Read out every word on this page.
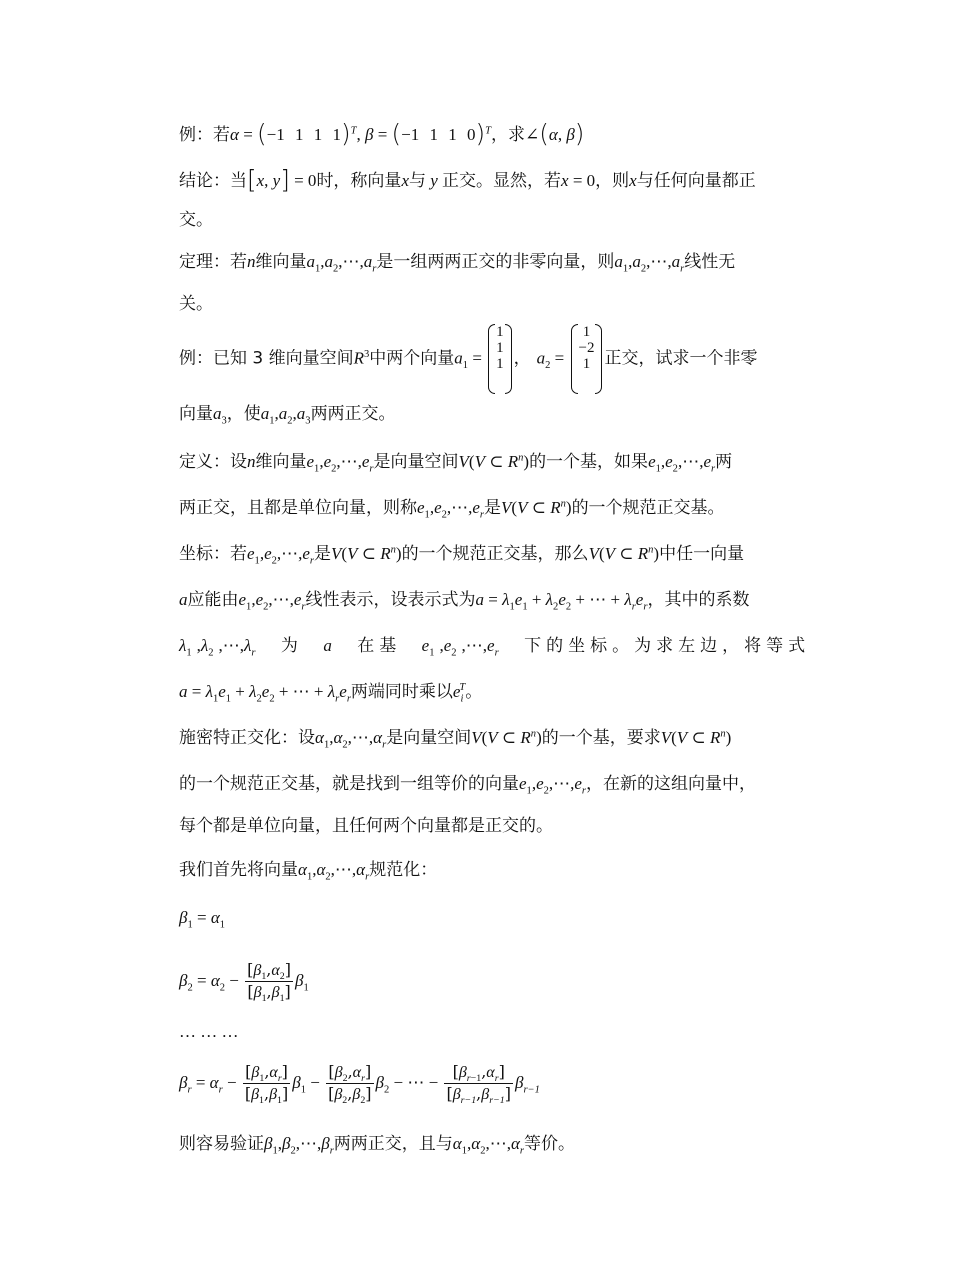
例：若α = (−1 1 1 1)$^T$, β = (−1 1 1 0)$^T$，求∠(α, β)
结论：当[x, y] = 0时，称向量x与 y 正交。显然，若x = 0，则x与任何向量都正
交。
定理：若n维向量$a_1,a_2,\cdots,a_r$是一组两两正交的非零向量，则$a_1,a_2,\cdots,a_r$线性无
关。
例：已知 3 维向量空间$R^3$中两个向量$a_1$ =
1
1
1 ， $a_2$ =
1
−2
1 正交，试求一个非零
向量$a_3$，使$a_1,a_2,a_3$两两正交。
定义：设n维向量$e_1,e_2,\cdots,e_r$是向量空间V(V ⊂ $R^n$)的一个基，如果$e_1,e_2,\cdots,e_r$两
两正交，且都是单位向量，则称$e_1,e_2,\cdots,e_r$是V(V ⊂ $R^n$)的一个规范正交基。
坐标：若$e_1,e_2,\cdots,e_r$是V(V ⊂ $R^n$)的一个规范正交基，那么V(V ⊂ $R^n$)中任一向量
a应能由$e_1,e_2,\cdots,e_r$线性表示，设表示式为$a = \lambda_1e_1 + \lambda_2e_2$ + ⋯ + $\lambda_re_r$，其中的系数
$\lambda_1,\lambda_2,\cdots,\lambda_r$ 为 a 在基 $e_1,e_2,\cdots,e_r$ 下的坐标。为求左边，将等式
$a = \lambda_1e_1 + \lambda_2e_2$ + ⋯ + $\lambda_re_r$两端同时乘以$e_i^T$。
施密特正交化：设$\alpha_1,\alpha_2,\cdots,\alpha_r$是向量空间V(V ⊂ $R^n$)的一个基，要求V(V ⊂ $R^n$)
的一个规范正交基，就是找到一组等价的向量$e_1,e_2,\cdots,e_r$，在新的这组向量中，
每个都是单位向量，且任何两个向量都是正交的。
我们首先将向量$\alpha_1,\alpha_2,\cdots,\alpha_r$规范化：
$\beta_1 = \alpha_1$
$\beta_2 = \alpha_2 - \frac{[\beta_1,\alpha_2]}{[\beta_1,\beta_1]} \beta_1$
… … …
$\beta_r = \alpha_r - \frac{[\beta_1,\alpha_r]}{[\beta_1,\beta_1]} \beta_1 - \frac{[\beta_2,\alpha_r]}{[\beta_2,\beta_2]} \beta_2$ − ⋯ − $\frac{[\beta_{r-1},\alpha_r]}{[\beta_{r-1},\beta_{r-1}]} \beta_{r-1}$
则容易验证$\beta_1,\beta_2,\cdots,\beta_r$两两正交，且与$\alpha_1,\alpha_2,\cdots,\alpha_r$等价。
